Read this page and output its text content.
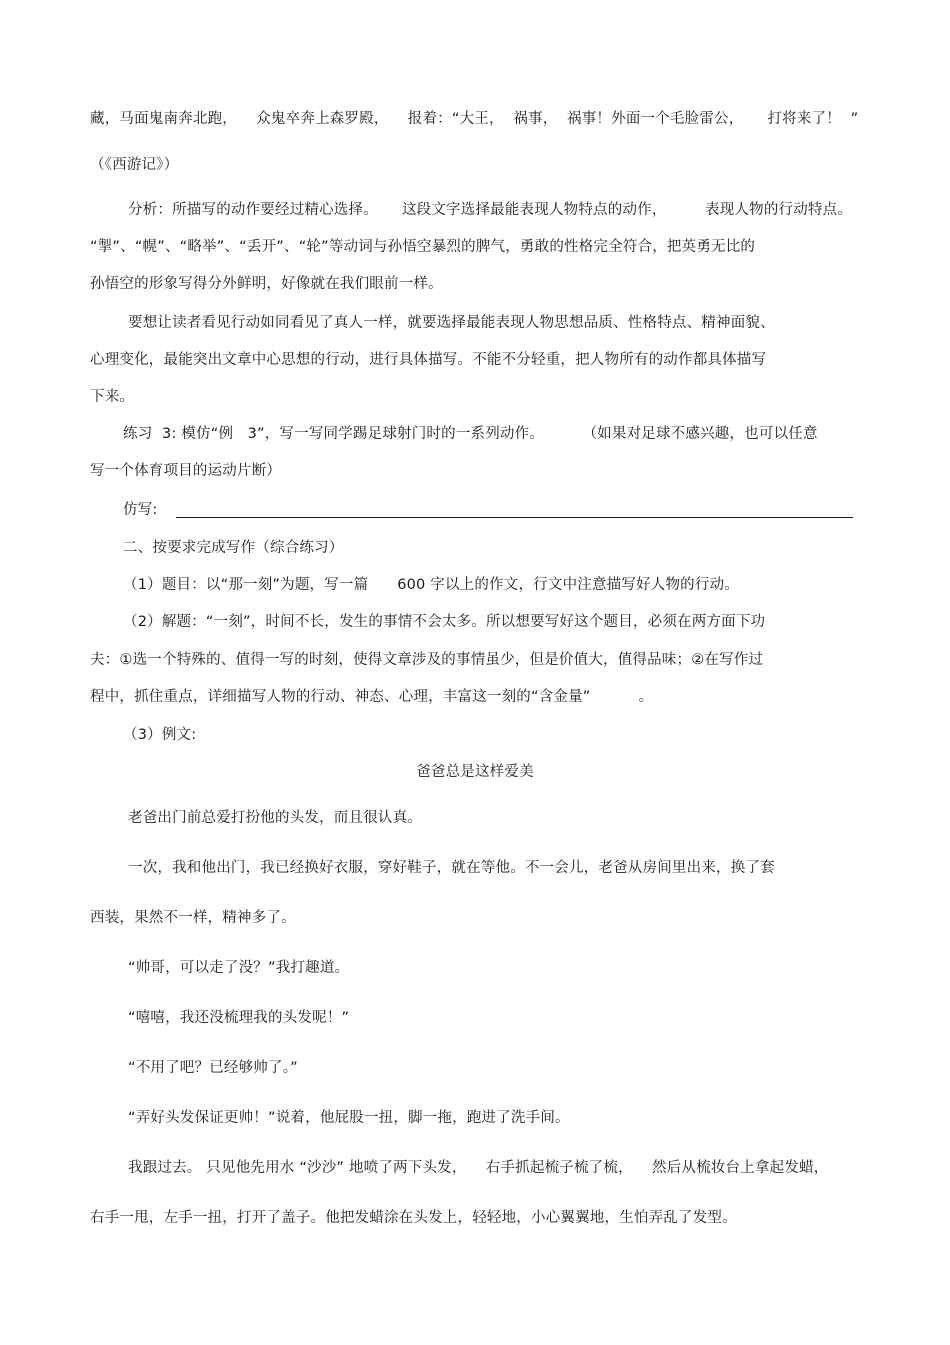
藏，马面鬼南奔北跑，    众鬼卒奔上森罗殿，    报着：“大王，  祸事，  祸事！外面一个毛脸雷公，     打将来了！  ”
（《西游记》）
分析：所描写的动作要经过精心选择。     这段文字选择最能表现人物特点的动作，        表现人物的行动特点。
“掣”、“幌”、“略举”、“丢开”、“轮”等动词与孙悟空暴烈的脾气，勇敢的性格完全符合，把英勇无比的
孙悟空的形象写得分外鲜明，好像就在我们眼前一样。
要想让读者看见行动如同看见了真人一样，就要选择最能表现人物思想品质、性格特点、精神面貌、
心理变化，最能突出文章中心思想的行动，进行具体描写。不能不分轻重，把人物所有的动作都具体描写
下来。
练习  3: 模仿“例   3”，写一写同学踢足球射门时的一系列动作。        （如果对足球不感兴趣，也可以任意
写一个体育项目的运动片断）
仿写:
二、按要求完成写作（综合练习）
（1）题目：以“那一刻”为题，写一篇      600 字以上的作文，行文中注意描写好人物的行动。
（2）解题：“一刻”，时间不长，发生的事情不会太多。所以想要写好这个题目，必须在两方面下功
夫：①选一个特殊的、值得一写的时刻，使得文章涉及的事情虽少，但是价值大，值得品味；②在写作过
程中，抓住重点，详细描写人物的行动、神态、心理，丰富这一刻的“含金量”          。
（3）例文:
爸爸总是这样爱美
老爸出门前总爱打扮他的头发，而且很认真。
一次，我和他出门，我已经换好衣服，穿好鞋子，就在等他。不一会儿，老爸从房间里出来，换了套
西装，果然不一样，精神多了。
“帅哥，可以走了没？”我打趣道。
“嘻嘻，我还没梳理我的头发呢！”
“不用了吧？已经够帅了。”
“弄好头发保证更帅！”说着，他屁股一扭，脚一拖，跑进了洗手间。
我跟过去。 只见他先用水 “沙沙” 地喷了两下头发，    右手抓起梳子梳了梳，    然后从梳妆台上拿起发蜡，
右手一甩，左手一扭，打开了盖子。他把发蜡涂在头发上，轻轻地，小心翼翼地，生怕弄乱了发型。
